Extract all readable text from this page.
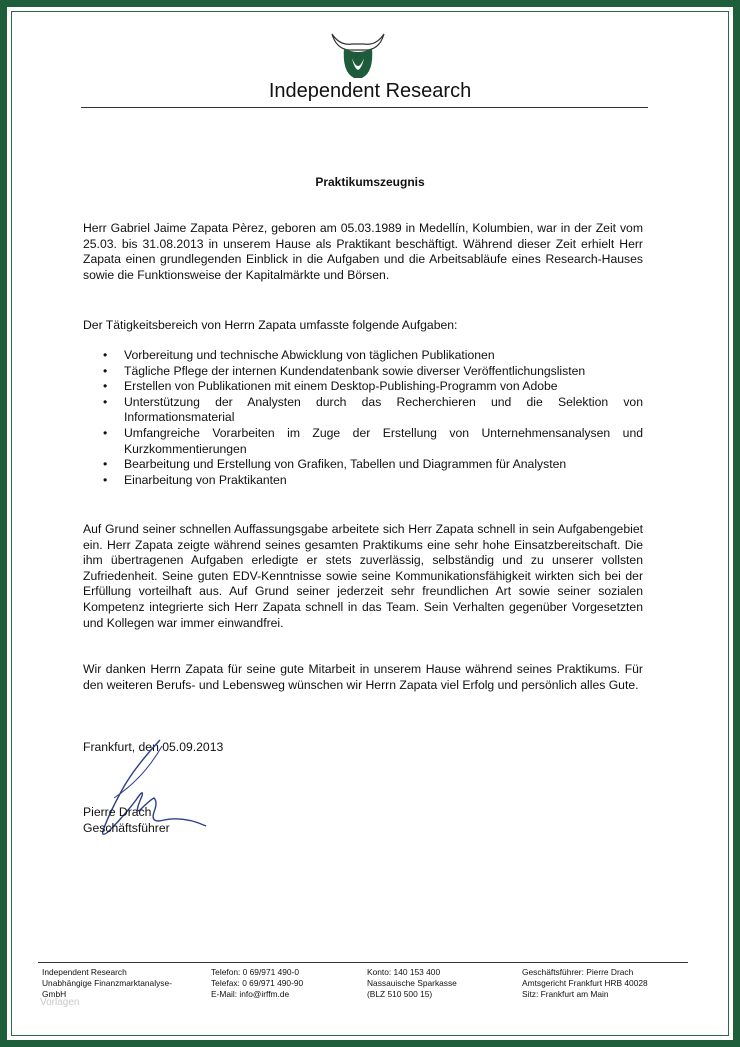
Independent Research
Praktikumszeugnis
Herr Gabriel Jaime Zapata Pèrez, geboren am 05.03.1989 in Medellín, Kolumbien, war in der Zeit vom 25.03. bis 31.08.2013 in unserem Hause als Praktikant beschäftigt. Während dieser Zeit erhielt Herr Zapata einen grundlegenden Einblick in die Aufgaben und die Arbeitsabläufe eines Research-Hauses sowie die Funktionsweise der Kapitalmärkte und Börsen.
Der Tätigkeitsbereich von Herrn Zapata umfasste folgende Aufgaben:
• Vorbereitung und technische Abwicklung von täglichen Publikationen
• Tägliche Pflege der internen Kundendatenbank sowie diverser Veröffentlichungslisten
• Erstellen von Publikationen mit einem Desktop-Publishing-Programm von Adobe
• Unterstützung der Analysten durch das Recherchieren und die Selektion von Informationsmaterial
• Umfangreiche Vorarbeiten im Zuge der Erstellung von Unternehmensanalysen und Kurzkommentierungen
• Bearbeitung und Erstellung von Grafiken, Tabellen und Diagrammen für Analysten
• Einarbeitung von Praktikanten
Auf Grund seiner schnellen Auffassungsgabe arbeitete sich Herr Zapata schnell in sein Aufgabengebiet ein. Herr Zapata zeigte während seines gesamten Praktikums eine sehr hohe Einsatzbereitschaft. Die ihm übertragenen Aufgaben erledigte er stets zuverlässig, selbständig und zu unserer vollsten Zufriedenheit. Seine guten EDV-Kenntnisse sowie seine Kommunikationsfähigkeit wirkten sich bei der Erfüllung vorteilhaft aus. Auf Grund seiner jederzeit sehr freundlichen Art sowie seiner sozialen Kompetenz integrierte sich Herr Zapata schnell in das Team. Sein Verhalten gegenüber Vorgesetzten und Kollegen war immer einwandfrei.
Wir danken Herrn Zapata für seine gute Mitarbeit in unserem Hause während seines Praktikums. Für den weiteren Berufs- und Lebensweg wünschen wir Herrn Zapata viel Erfolg und persönlich alles Gute.
Frankfurt, den 05.09.2013
Pierre Drach
Geschäftsführer
Independent Research
Unabhängige Finanzmarktanalyse-
GmbH
Telefon: 0 69/971 490-0
Telefax: 0 69/971 490-90
E-Mail: info@irffm.de
Konto: 140 153 400
Nassauische Sparkasse
(BLZ 510 500 15)
Geschäftsführer: Pierre Drach
Amtsgericht Frankfurt HRB 40028
Sitz: Frankfurt am Main
Vorlagen
